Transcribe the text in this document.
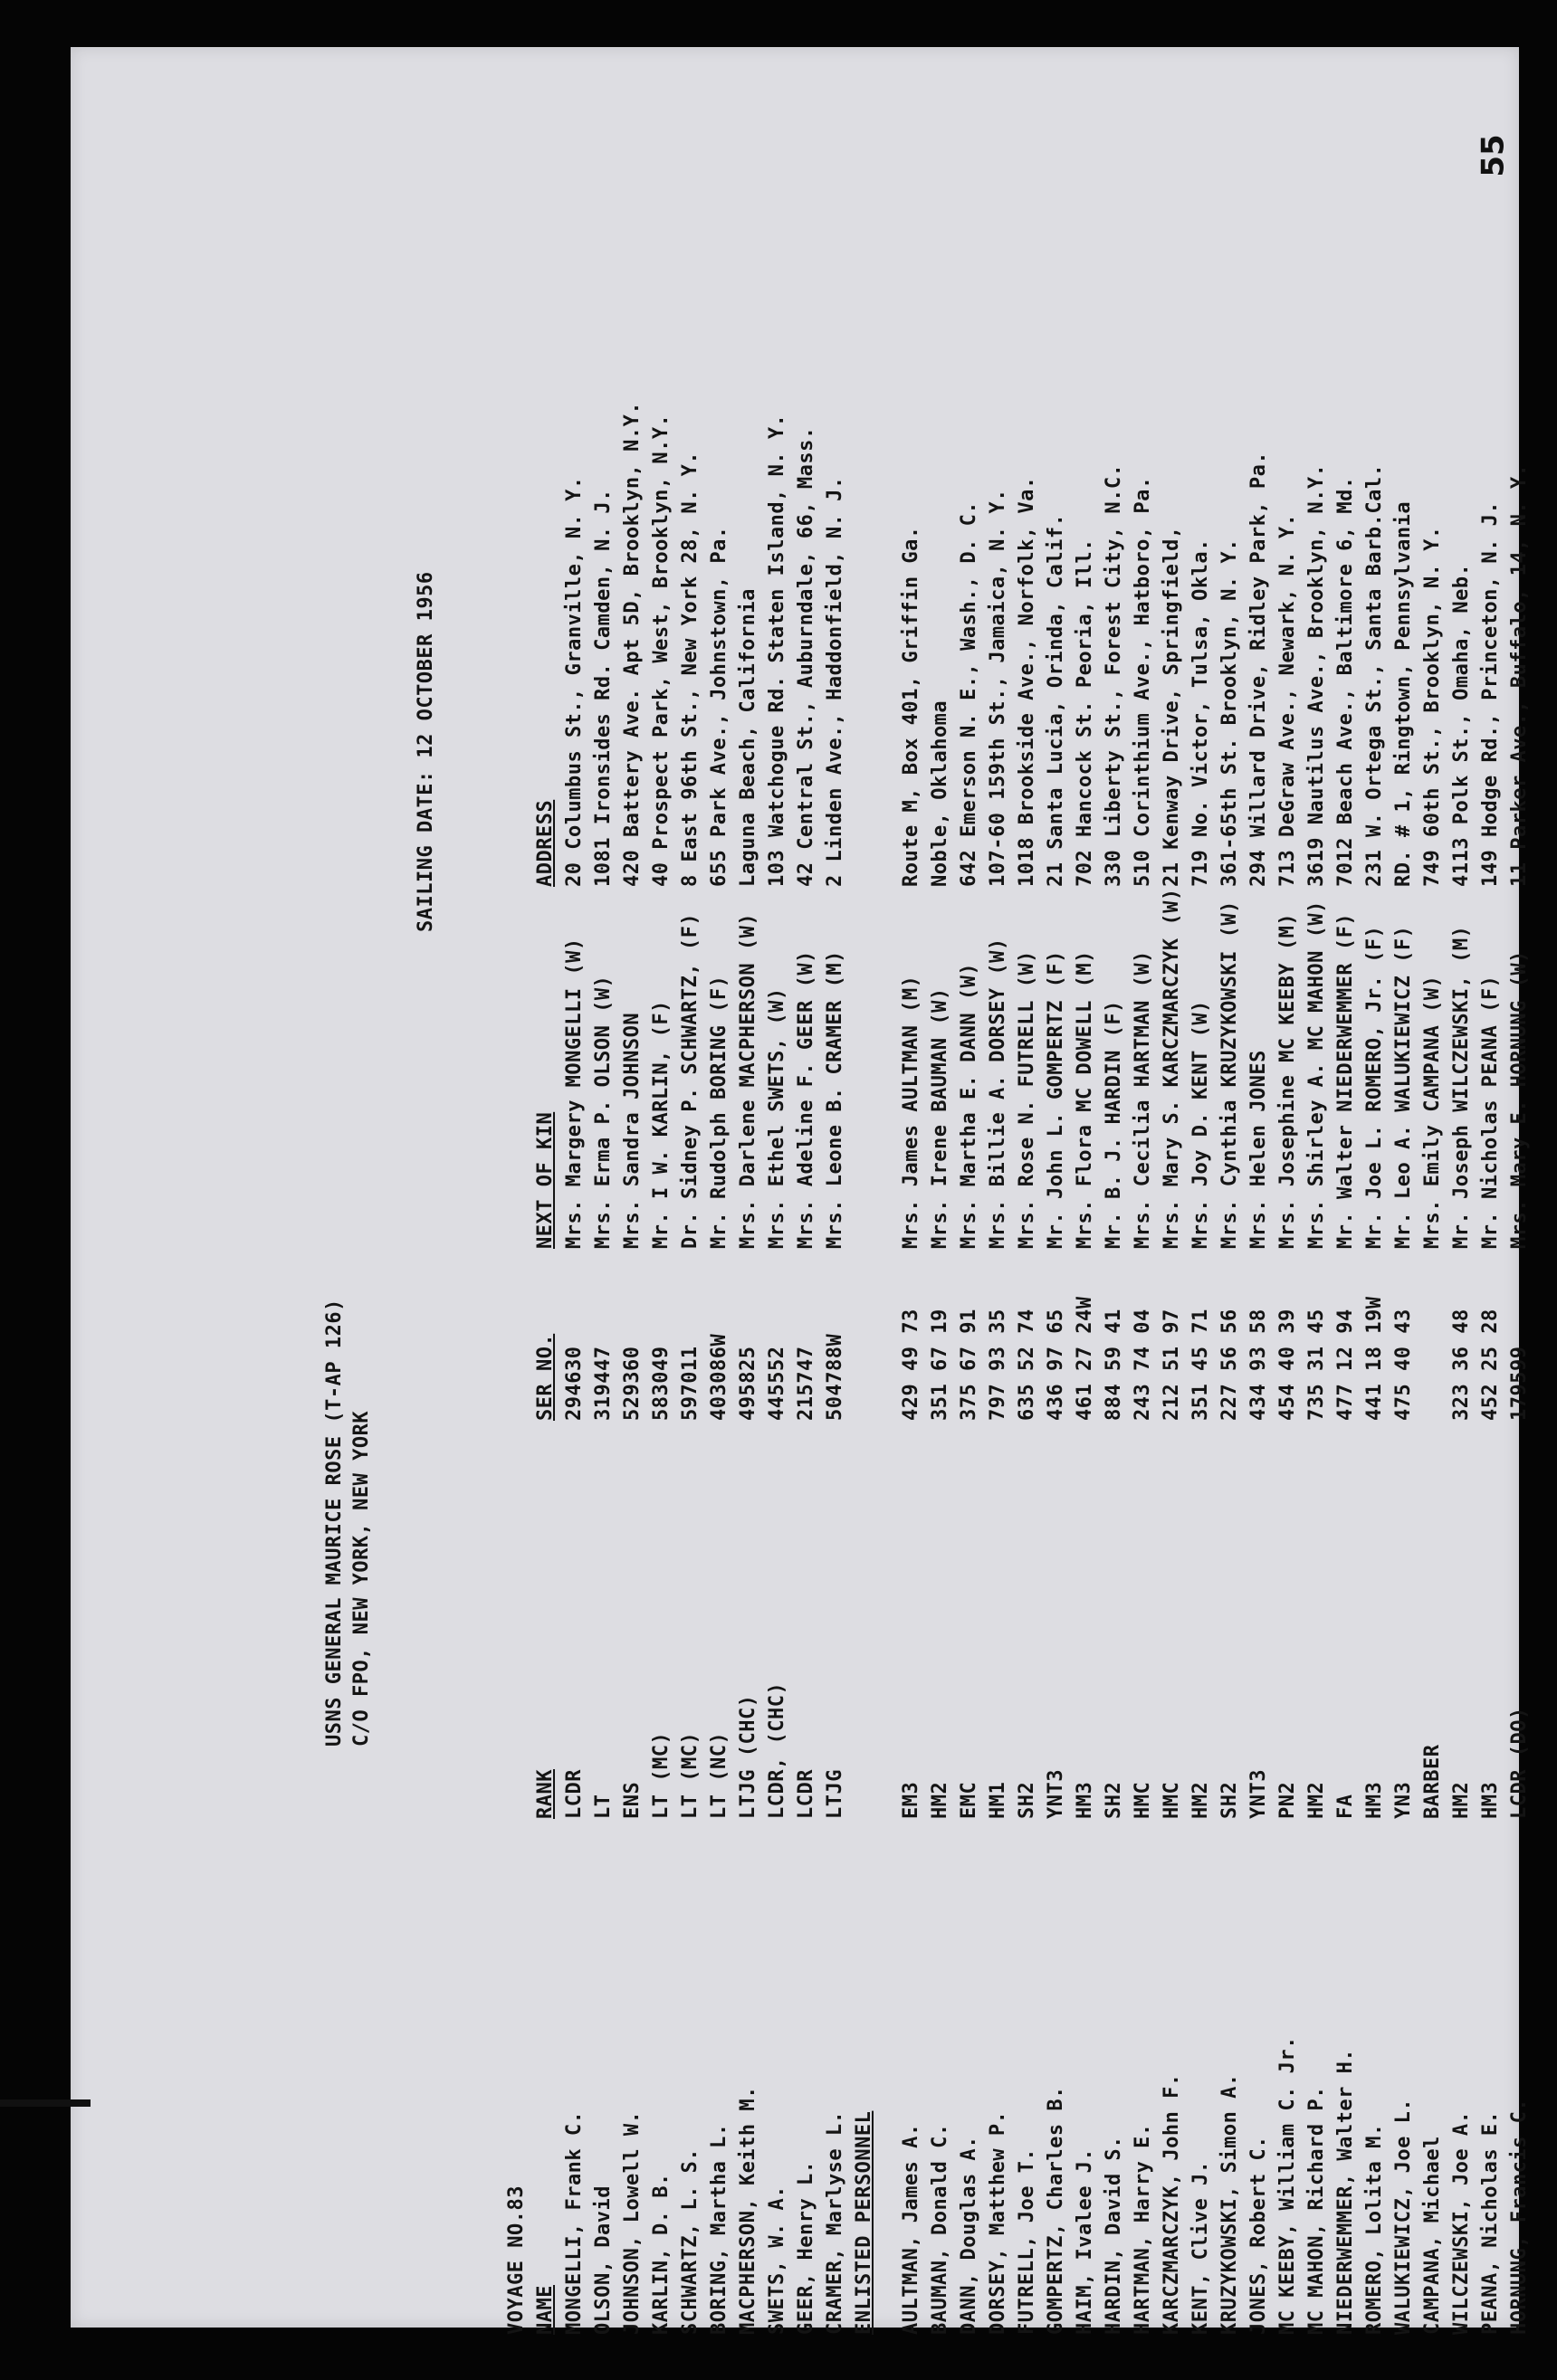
55
USNS GENERAL MAURICE ROSE (T-AP 126) C/O FPO, NEW YORK, NEW YORK
SAILING DATE: 12 OCTOBER 1956
VOYAGE NO.83 NAME
RANK
SER NO.
NEXT OF KIN
ADDRESS
MONGELLI, Frank C.
LCDR
294630
Mrs. Margery MONGELLI (W)
20 Columbus St., Granville, N. Y.
OLSON, David
LT
319447
Mrs. Erma P. OLSON (W)
1081 Ironsides Rd. Camden, N. J.
JOHNSON, Lowell W.
ENS
529360
Mrs. Sandra JOHNSON
420 Battery Ave. Apt 5D, Brooklyn, N.Y.
KARLIN, D. B.
LT (MC)
583049
Mr. I W. KARLIN, (F)
40 Prospect Park, West, Brooklyn, N.Y.
SCHWARTZ, L. S.
LT (MC)
597011
Dr. Sidney P. SCHWARTZ, (F)
8 East 96th St., New York 28, N. Y.
BORING, Martha L.
LT (NC)
403086W
Mr. Rudolph BORING (F)
655 Park Ave., Johnstown, Pa.
MACPHERSON, Keith M.
LTJG (CHC)
495825
Mrs. Darlene MACPHERSON (W)
Laguna Beach, California
SWETS, W. A.
LCDR, (CHC)
445552
Mrs. Ethel SWETS, (W)
103 Watchogue Rd. Staten Island, N. Y.
GEER, Henry L.
LCDR
215747
Mrs. Adeline F. GEER (W)
42 Central St., Auburndale, 66, Mass.
CRAMER, Marlyse L.
LTJG
504788W
Mrs. Leone B. CRAMER (M)
2 Linden Ave., Haddonfield, N. J.
ENLISTED PERSONNEL AULTMAN, James A.
EM3
429 49 73
Mrs. James AULTMAN (M)
Route M, Box 401, Griffin Ga.
BAUMAN, Donald C.
HM2
351 67 19
Mrs. Irene BAUMAN (W)
Noble, Oklahoma
DANN, Douglas A.
EMC
375 67 91
Mrs. Martha E. DANN (W)
642 Emerson N. E., Wash., D. C.
DORSEY, Matthew P.
HM1
797 93 35
Mrs. Billie A. DORSEY (W)
107-60 159th St., Jamaica, N. Y.
FUTRELL, Joe T.
SH2
635 52 74
Mrs. Rose N. FUTRELL (W)
1018 Brookside Ave., Norfolk, Va.
GOMPERTZ, Charles B.
YNT3
436 97 65
Mr. John L. GOMPERTZ (F)
21 Santa Lucia, Orinda, Calif.
HAIM, Ivalee J.
HM3
461 27 24W
Mrs. Flora MC DOWELL (M)
702 Hancock St. Peoria, Ill.
HARDIN, David S.
SH2
884 59 41
Mr. B. J. HARDIN (F)
330 Liberty St., Forest City, N.C.
HARTMAN, Harry E.
HMC
243 74 04
Mrs. Cecilia HARTMAN (W)
510 Corinthium Ave., Hatboro, Pa.
KARCZMARCZYK, John F.
HMC
212 51 97
Mrs. Mary S. KARCZMARCZYK (W)
21 Kenway Drive, Springfield,
KENT, Clive J.
HM2
351 45 71
Mrs. Joy D. KENT (W)
719 No. Victor, Tulsa, Okla.
KRUZYKOWSKI, Simon A.
SH2
227 56 56
Mrs. Cynthia KRUZYKOWSKI (W)
361-65th St. Brooklyn, N. Y.
JONES, Robert C.
YNT3
434 93 58
Mrs. Helen JONES
294 Willard Drive, Ridley Park, Pa.
MC KEEBY, William C. Jr.
PN2
454 40 39
Mrs. Josephine MC KEEBY (M)
713 DeGraw Ave., Newark, N. Y.
MC MAHON, Richard P.
HM2
735 31 45
Mrs. Shirley A. MC MAHON (W)
3619 Nautilus Ave., Brooklyn, N.Y.
NIEDERWEMMER, Walter H.
FA
477 12 94
Mr. Walter NIEDERWEMMER (F)
7012 Beach Ave., Baltimore 6, Md.
ROMERO, Lolita M.
HM3
441 18 19W
Mr. Joe L. ROMERO, Jr. (F)
231 W. Ortega St., Santa Barb.Cal.
WALUKIEWICZ, Joe L.
YN3
475 40 43
Mr. Leo A. WALUKIEWICZ (F)
RD. # 1, Ringtown, Pennsylvania
CAMPANA, Michael
BARBER
Mrs. Emily CAMPANA (W)
749 60th St., Brooklyn, N. Y.
WILCZEWSKI, Joe A.
HM2
323 36 48
Mr. Joseph WILCZEWSKI, (M)
4113 Polk St., Omaha, Neb.
PEANA, Nicholas E.
HM3
452 25 28
Mr. Nicholas PEANA (F)
149 Hodge Rd., Princeton, N. J.
HORNUNG, Francis C.
LCDR (DO)
179599
Mrs. Mary E. HORNUNG (W)
11 Parker Ave., Buffalo, 14, N. Y.
